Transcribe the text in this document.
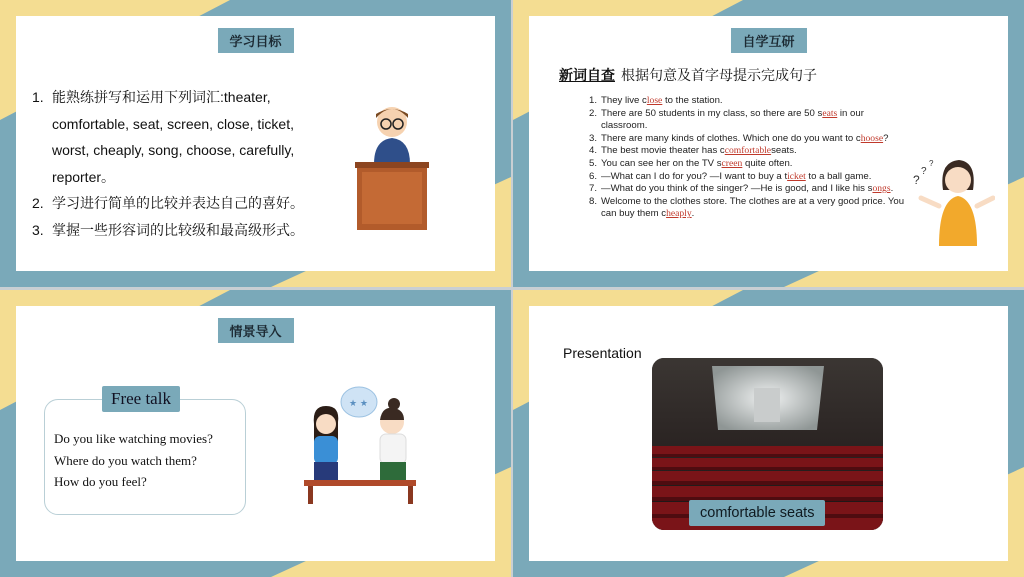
学习目标
1. 能熟练拼写和运用下列词汇:theater, comfortable, seat, screen, close, ticket, worst, cheaply, song, choose, carefully, reporter。
2. 学习进行简单的比较并表达自己的喜好。
3. 掌握一些形容词的比较级和最高级形式。
自学互研
新词自查 根据句意及首字母提示完成句子
1. They live close to the station.
2. There are 50 students in my class, so there are 50 seats in our classroom.
3. There are many kinds of clothes. Which one do you want to choose?
4. The best movie theater has ccomfortableseats.
5. You can see her on the TV screen quite often.
6. —What can I do for you? —I want to buy a ticket to a ball game.
7. —What do you think of the singer? —He is good, and I like his songs.
8. Welcome to the clothes store. The clothes are at a very good price. You can buy them cheaply.
?
?
?
情景导入
Free talk
Do you like watching movies?
Where do you watch them?
How do you feel?
★ ★
Presentation
comfortable seats
